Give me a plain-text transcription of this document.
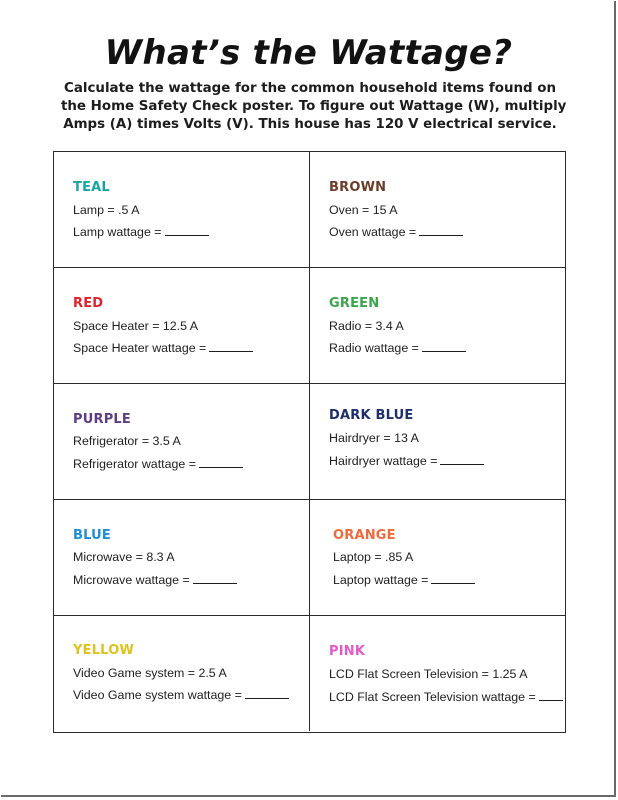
What’s the Wattage?

Calculate the wattage for the common household items found on
the Home Safety Check poster. To figure out Wattage (W), multiply
Amps (A) times Volts (V). This house has 120 V electrical service.

TEAL
Lamp = .5 A
Lamp wattage =
BROWN
Oven = 15 A
Oven wattage =
RED
Space Heater = 12.5 A
Space Heater wattage =
GREEN
Radio = 3.4 A
Radio wattage =
PURPLE
Refrigerator = 3.5 A
Refrigerator wattage =
DARK BLUE
Hairdryer = 13 A
Hairdryer wattage =
BLUE
Microwave = 8.3 A
Microwave wattage =
ORANGE
Laptop = .85 A
Laptop wattage =
YELLOW
Video Game system = 2.5 A
Video Game system wattage =
PINK
LCD Flat Screen Television = 1.25 A
LCD Flat Screen Television wattage =
